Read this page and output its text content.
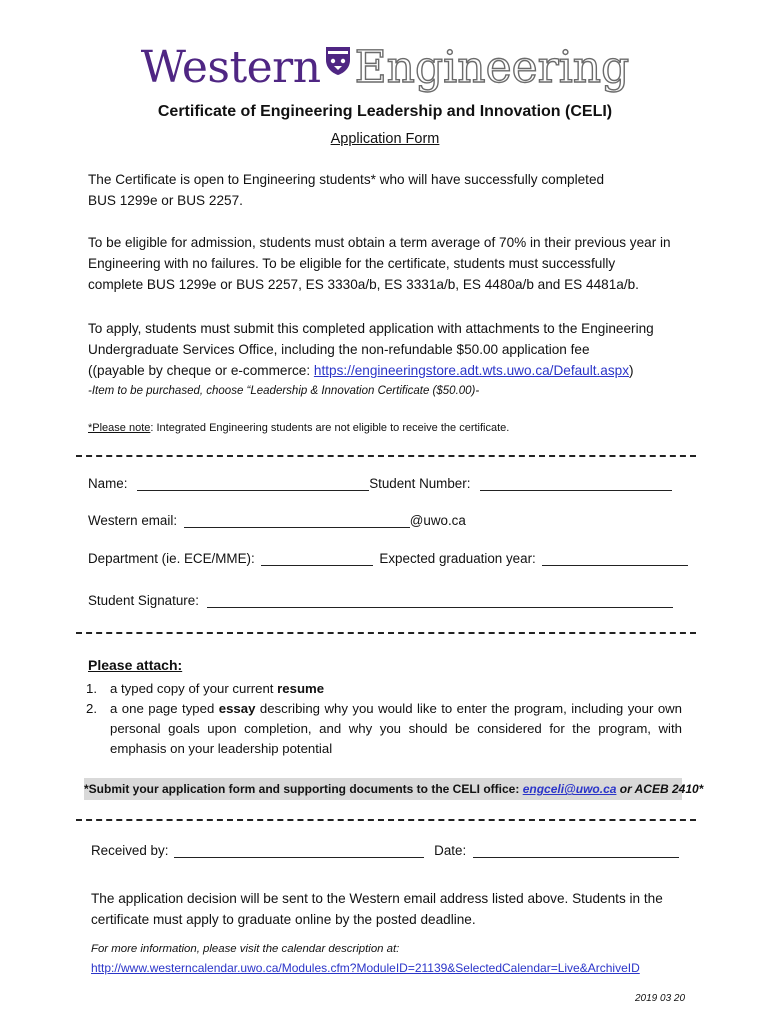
Western Engineering
Certificate of Engineering Leadership and Innovation (CELI)
Application Form
The Certificate is open to Engineering students* who will have successfully completed
BUS 1299e or BUS 2257.
To be eligible for admission, students must obtain a term average of 70% in their previous year in
Engineering with no failures. To be eligible for the certificate, students must successfully
complete BUS 1299e or BUS 2257, ES 3330a/b, ES 3331a/b, ES 4480a/b and ES 4481a/b.
To apply, students must submit this completed application with attachments to the Engineering
Undergraduate Services Office, including the non-refundable $50.00 application fee
((payable by cheque or e-commerce: https://engineeringstore.adt.wts.uwo.ca/Default.aspx)
-Item to be purchased, choose “Leadership & Innovation Certificate ($50.00)-
*Please note: Integrated Engineering students are not eligible to receive the certificate.
Name:	Student Number:
Western email:	@uwo.ca
Department (ie. ECE/MME):	Expected graduation year:
Student Signature:
Please attach:
1. a typed copy of your current resume
2. a one page typed essay describing why you would like to enter the program, including your own personal goals upon completion, and why you should be considered for the program, with emphasis on your leadership potential
*Submit your application form and supporting documents to the CELI office: engceli@uwo.ca or ACEB 2410*
Received by:	Date:
The application decision will be sent to the Western email address listed above. Students in the
certificate must apply to graduate online by the posted deadline.
For more information, please visit the calendar description at:
http://www.westerncalendar.uwo.ca/Modules.cfm?ModuleID=21139&SelectedCalendar=Live&ArchiveID
2019 03 20
